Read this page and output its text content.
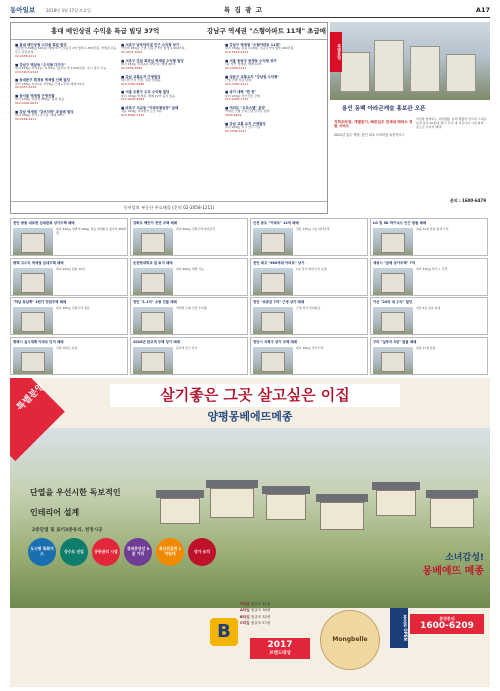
동아일보	2018년 3월 17일 토요일	특 집 광 고	A17
홍대 메인상권 수익용 특급 빌딩 37억	강남구 역세권 "스형아파트 11채" 초급매
■ 홍대 메인상권 수익용 특급 빌딩
건물면적 398㎡(120평) 매매 37억 보증금 2억 월세 1,350만원. 역세권 유동인구 밀집지역.
02-2058-1211
■ 강남구 역삼동 "수익형 다가구"
대지 235㎡ 지하1층~지상5층. 월수입 약 1,500만원. 즉시 입주 가능.
010-5223-2322
■ 동대문구 휘경동 역세권 신축 빌딩
대지 165㎡ 지하1층 지상6층 근생+주택. 매매 25억.
02-2057-4116
■ 동서울 역세권 근생건물
대지 330㎡ 연면적 980㎡. 융자 없음.
010-9000-6633
■ 강남 역세권 "강서지역" 초급매 빌딩
대지 200㎡ 상가+사무실. 매매 18억.
02-2058-1211
■ 서초구 남부터미널 인근 수익형 상가
연면적 950㎡ 근생. 보증금 3억 월세 1,400만원.
02-3477-1004
■ 서초구 강남 최중심 역세권 수익형 빌딩
대지 281㎡ 지하2층 지상7층. 매매 48억.
02-2058-4650
■ 강남 교통요지 근생빌딩
대로변 코너 건물. 전층 임대중.
010-4300-6488
■ 서울 도봉구 수익 수익형 빌딩
대지 330㎡ 역세권. 매매 22억 융자 있음.
010-9000-8484
■ 마포구 서교동 "아파트형공장" 급매
전용 320㎡ 지하철역 도보 3분.
010-6000-1133
■ 강남구 역세권 "스형아파트 11채"
대지 330㎡ 원룸 11세대. 보증금 5억 월세 900만원.
010-5223-2323
■ 서울 송파구 문정동 수익형 상가
1층 상가 역세권. 매매 12억.
02-2058-1211
■ 성동구 교통요지 "강남권 수익형"
근생 전면 전층 임대.
010-4300-4211
■ 상가 대박 "쩐 천"
대지 230㎡ 상가건물 급매.
010-9000-7733
■ 여의도 "오피스텔" 분양
역세권 소형 오피스텔 선착순 분양.
1600-6209
■ 강남 교통 요지 근생빌딩
대지 200㎡ 즉시 입주 가능.
02-2058-1211
동아일보 부동산 주요매물 (문의 02-2058-1211)
특별분양
용인 동백 아라곤캐슬 홍보관 오픈
지하주차장, 개별등기, 빠른입주 전세대 테라스 정원 서비스
2022년 입주 예정. 용인 최초 프리미엄 타운하우스
자연과 함께하는 전원생활. 동백 생활권 인프라 그대로. 분당·판교 30분대 접근. 단지 내 커뮤니티 시설 완비. 중도금 무이자 혜택.
문의 : 1600-6479
천안 쌍용 대로변 임대완료 상가주택 매매
대지 330㎡ 연면적 580㎡ 전층 임대완료 월수익 680만원
강화도 해안가 천연 주택 매매
대지 660㎡ 전원주택 바다조망
인천 송도 "아파트" 12억 매매
전용 135㎡ 고층 바다조망
LG 및 SK 하이닉스 인근 원룸 매매
원룸 22실 만실 월세 수익
평택 고수익 역세권 임대주택 매매
대지 264㎡ 원룸 19실
순천향대학교 앞 토지 매매
대지 990㎡ 개발 가능
천안 최고 "600세대 아파트" 상가
1층 상가 임대 수익 보장
세종시 "급매 상가주택" 7억
대지 330㎡ 상가 + 주택
"하남 동남쪽" 3번가 전원주택 매매
대지 495㎡ 전원주택 정원
천안 "1.1억" 소형 건물 매매
역세권 소형 건물 수익형
천안 "보증금 7억" 근생 상가 매매
근생 상가 임대완료
아산 "24억 대 수익" 빌딩
지상 5층 전층 임대
평택시 실시계획 아파트 단지 매매
신축 아파트 분양
2018년 판교역 주택 상가 매매
판교역 인근 상가
천안시 서북구 상가 주택 매매
대지 396㎡ 상가주택
구미 "실투자 3천" 원룸 매매
원룸 17실 만실
특별분양	살기좋은 그곳 살고싶은 이집
양평몽베에뜨메종
단열을 우선시한 독보적인
인테리어 설계
2층단열 및 로이3중유리, 천정시공
도시형 특화거스	상수도 인입	공동관리 시설	경의중앙선 3분 거리
최신의설계 1억원대	상가 유치
B
T타입 철골조 41평
A타입 철골조 50평
B타입 철골조 52평
C타입 철골조 57평
2017
브랜드대상
Mongbelle
소녀감성!
몽베에뜨 메종
홍보관 OPEN	분양문의
1600-6209
